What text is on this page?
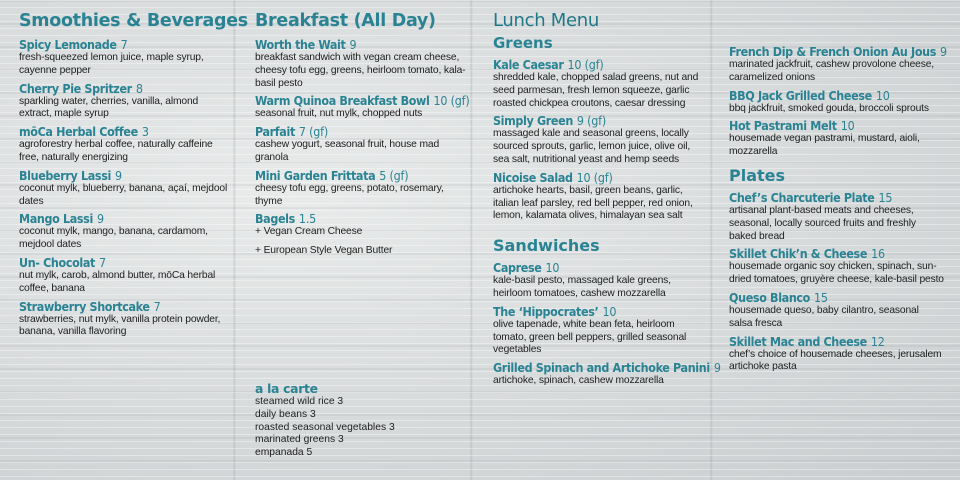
Smoothies & Beverages
Spicy Lemonade 7
fresh-squeezed lemon juice, maple syrup, cayenne pepper
Cherry Pie Spritzer 8
sparkling water, cherries, vanilla, almond extract, maple syrup
mōCa Herbal Coffee 3
agroforestry herbal coffee, naturally caffeine free, naturally energizing
Blueberry Lassi 9
coconut mylk, blueberry, banana, açaí, mejdool dates
Mango Lassi 9
coconut mylk, mango, banana, cardamom, mejdool dates
Un- Chocolat 7
nut mylk, carob, almond butter, mōCa herbal coffee, banana
Strawberry Shortcake 7
strawberries, nut mylk, vanilla protein powder, banana, vanilla flavoring
Breakfast (All Day)
Worth the Wait 9
breakfast sandwich with vegan cream cheese, cheesy tofu egg, greens, heirloom tomato, kala-basil pesto
Warm Quinoa Breakfast Bowl 10 (gf)
seasonal fruit, nut mylk, chopped nuts
Parfait 7 (gf)
cashew yogurt, seasonal fruit, house mad granola
Mini Garden Frittata 5 (gf)
cheesy tofu egg, greens, potato, rosemary, thyme
Bagels 1.5
+ Vegan Cream Cheese
+ European Style Vegan Butter
a la carte
steamed wild rice 3
daily beans 3
roasted seasonal vegetables 3
marinated greens 3
empanada 5
Lunch Menu
Greens
Kale Caesar 10 (gf)
shredded kale, chopped salad greens, nut and seed parmesan, fresh lemon squeeze, garlic roasted chickpea croutons, caesar dressing
Simply Green 9 (gf)
massaged kale and seasonal greens, locally sourced sprouts, garlic, lemon juice, olive oil, sea salt, nutritional yeast and hemp seeds
Nicoise Salad 10 (gf)
artichoke hearts, basil, green beans, garlic, italian leaf parsley, red bell pepper, red onion, lemon, kalamata olives, himalayan sea salt
Sandwiches
Caprese 10
kale-basil pesto, massaged kale greens, heirloom tomatoes, cashew mozzarella
The ‘Hippocrates’ 10
olive tapenade, white bean feta, heirloom tomato, green bell peppers, grilled seasonal vegetables
Grilled Spinach and Artichoke Panini 9
artichoke, spinach, cashew mozzarella
French Dip & French Onion Au Jous 9
marinated jackfruit, cashew provolone cheese, caramelized onions
BBQ Jack Grilled Cheese 10
bbq jackfruit, smoked gouda, broccoli sprouts
Hot Pastrami Melt 10
housemade vegan pastrami, mustard, aioli, mozzarella
Plates
Chef’s Charcuterie Plate 15
artisanal plant-based meats and cheeses, seasonal, locally sourced fruits and freshly baked bread
Skillet Chik’n & Cheese 16
housemade organic soy chicken, spinach, sun-dried tomatoes, gruyère cheese, kale-basil pesto
Queso Blanco 15
housemade queso, baby cilantro, seasonal salsa fresca
Skillet Mac and Cheese 12
chef’s choice of housemade cheeses, jerusalem artichoke pasta
